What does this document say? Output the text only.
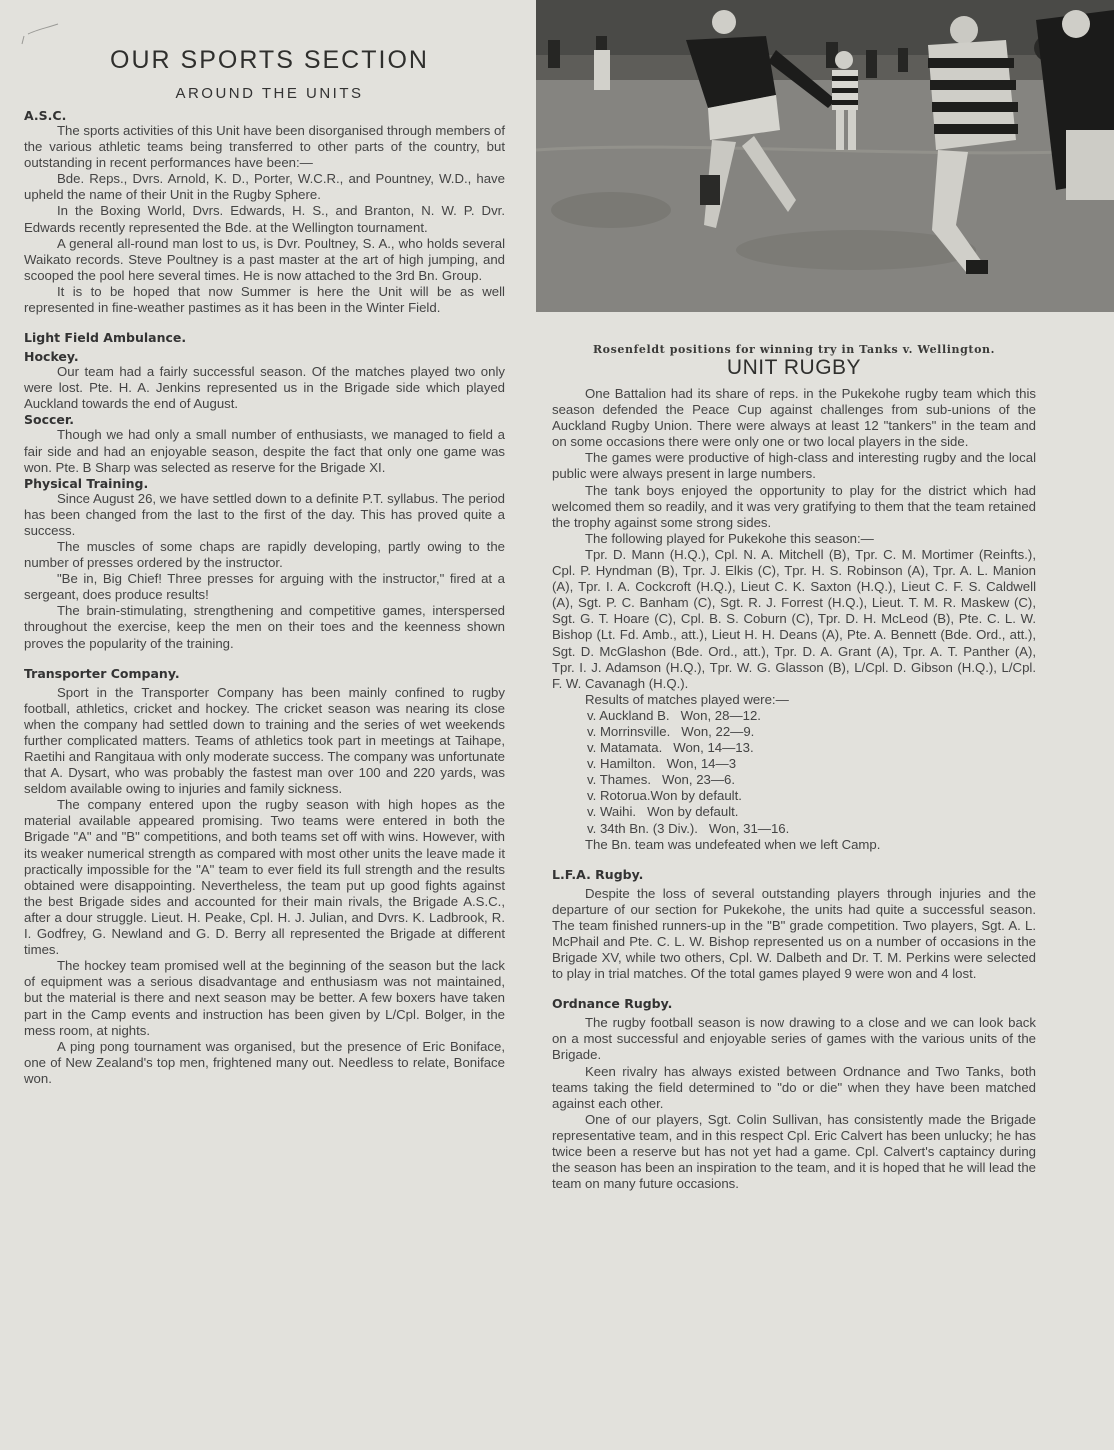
OUR SPORTS SECTION
AROUND THE UNITS

A.S.C.

The sports activities of this Unit have been disorganised through members of the various athletic teams being transferred to other parts of the country, but outstanding in recent performances have been:—

Bde. Reps., Dvrs. Arnold, K. D., Porter, W.C.R., and Pountney, W.D., have upheld the name of their Unit in the Rugby Sphere.

In the Boxing World, Dvrs. Edwards, H. S., and Branton, N. W. P. Dvr. Edwards recently represented the Bde. at the Wellington tournament.

A general all-round man lost to us, is Dvr. Poultney, S. A., who holds several Waikato records. Steve Poultney is a past master at the art of high jumping, and scooped the pool here several times. He is now attached to the 3rd Bn. Group.

It is to be hoped that now Summer is here the Unit will be as well represented in fine-weather pastimes as it has been in the Winter Field.

Light Field Ambulance.

Hockey.

Our team had a fairly successful season. Of the matches played two only were lost. Pte. H. A. Jenkins represented us in the Brigade side which played Auckland towards the end of August.

Soccer.

Though we had only a small number of enthusiasts, we managed to field a fair side and had an enjoyable season, despite the fact that only one game was won. Pte. B Sharp was selected as reserve for the Brigade XI.

Physical Training.

Since August 26, we have settled down to a definite P.T. syllabus. The period has been changed from the last to the first of the day. This has proved quite a success.

The muscles of some chaps are rapidly developing, partly owing to the number of presses ordered by the instructor.

"Be in, Big Chief! Three presses for arguing with the instructor," fired at a sergeant, does produce results!

The brain-stimulating, strengthening and competitive games, interspersed throughout the exercise, keep the men on their toes and the keenness shown proves the popularity of the training.

Transporter Company.

Sport in the Transporter Company has been mainly confined to rugby football, athletics, cricket and hockey. The cricket season was nearing its close when the company had settled down to training and the series of wet weekends further complicated matters. Teams of athletics took part in meetings at Taihape, Raetihi and Rangitaua with only moderate success. The company was unfortunate that A. Dysart, who was probably the fastest man over 100 and 220 yards, was seldom available owing to injuries and family sickness.

The company entered upon the rugby season with high hopes as the material available appeared promising. Two teams were entered in both the Brigade "A" and "B" competitions, and both teams set off with wins. However, with its weaker numerical strength as compared with most other units the leave made it practically impossible for the "A" team to ever field its full strength and the results obtained were disappointing. Nevertheless, the team put up good fights against the best Brigade sides and accounted for their main rivals, the Brigade A.S.C., after a dour struggle. Lieut. H. Peake, Cpl. H. J. Julian, and Dvrs. K. Ladbrook, R. I. Godfrey, G. Newland and G. D. Berry all represented the Brigade at different times.

The hockey team promised well at the beginning of the season but the lack of equipment was a serious disadvantage and enthusiasm was not maintained, but the material is there and next season may be better. A few boxers have taken part in the Camp events and instruction has been given by L/Cpl. Bolger, in the mess room, at nights.

A ping pong tournament was organised, but the presence of Eric Boniface, one of New Zealand's top men, frightened many out. Needless to relate, Boniface won.

Rosenfeldt positions for winning try in Tanks v. Wellington.

UNIT RUGBY

One Battalion had its share of reps. in the Pukekohe rugby team which this season defended the Peace Cup against challenges from sub-unions of the Auckland Rugby Union. There were always at least 12 "tankers" in the team and on some occasions there were only one or two local players in the side.

The games were productive of high-class and interesting rugby and the local public were always present in large numbers.

The tank boys enjoyed the opportunity to play for the district which had welcomed them so readily, and it was very gratifying to them that the team retained the trophy against some strong sides.

The following played for Pukekohe this season:—

Tpr. D. Mann (H.Q.), Cpl. N. A. Mitchell (B), Tpr. C. M. Mortimer (Reinfts.), Cpl. P. Hyndman (B), Tpr. J. Elkis (C), Tpr. H. S. Robinson (A), Tpr. A. L. Manion (A), Tpr. I. A. Cockcroft (H.Q.), Lieut C. K. Saxton (H.Q.), Lieut C. F. S. Caldwell (A), Sgt. P. C. Banham (C), Sgt. R. J. Forrest (H.Q.), Lieut. T. M. R. Maskew (C), Sgt. G. T. Hoare (C), Cpl. B. S. Coburn (C), Tpr. D. H. McLeod (B), Pte. C. L. W. Bishop (Lt. Fd. Amb., att.), Lieut H. H. Deans (A), Pte. A. Bennett (Bde. Ord., att.), Sgt. D. McGlashon (Bde. Ord., att.), Tpr. D. A. Grant (A), Tpr. A. T. Panther (A), Tpr. I. J. Adamson (H.Q.), Tpr. W. G. Glasson (B), L/Cpl. D. Gibson (H.Q.), L/Cpl. F. W. Cavanagh (H.Q.).

Results of matches played were:—

v. Auckland B.   Won, 28—12.

v. Morrinsville.   Won, 22—9.

v. Matamata.   Won, 14—13.

v. Hamilton.   Won, 14—3

v. Thames.   Won, 23—6.

v. Rotorua.Won by default.

v. Waihi.   Won by default.

v. 34th Bn. (3 Div.).   Won, 31—16.

The Bn. team was undefeated when we left Camp.

L.F.A. Rugby.

Despite the loss of several outstanding players through injuries and the departure of our section for Pukekohe, the units had quite a successful season. The team finished runners-up in the "B" grade competition. Two players, Sgt. A. L. McPhail and Pte. C. L. W. Bishop represented us on a number of occasions in the Brigade XV, while two others, Cpl. W. Dalbeth and Dr. T. M. Perkins were selected to play in trial matches. Of the total games played 9 were won and 4 lost.

Ordnance Rugby.

The rugby football season is now drawing to a close and we can look back on a most successful and enjoyable series of games with the various units of the Brigade.

Keen rivalry has always existed between Ordnance and Two Tanks, both teams taking the field determined to "do or die" when they have been matched against each other.

One of our players, Sgt. Colin Sullivan, has consistently made the Brigade representative team, and in this respect Cpl. Eric Calvert has been unlucky; he has twice been a reserve but has not yet had a game. Cpl. Calvert's captaincy during the season has been an inspiration to the team, and it is hoped that he will lead the team on many future occasions.
